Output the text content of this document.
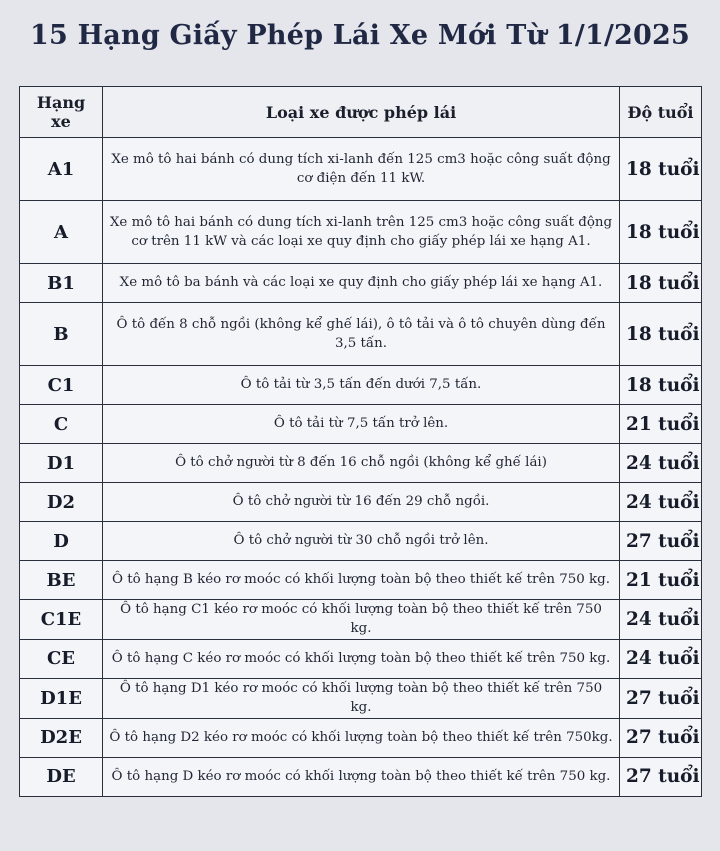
15 Hạng Giấy Phép Lái Xe Mới Từ 1/1/2025
Hạng xe	Loại xe được phép lái	Độ tuổi
A1	Xe mô tô hai bánh có dung tích xi-lanh đến 125 cm3 hoặc công suất động cơ điện đến 11 kW.	18 tuổi
A	Xe mô tô hai bánh có dung tích xi-lanh trên 125 cm3 hoặc công suất động cơ trên 11 kW và các loại xe quy định cho giấy phép lái xe hạng A1.	18 tuổi
B1	Xe mô tô ba bánh và các loại xe quy định cho giấy phép lái xe hạng A1.	18 tuổi
B	Ô tô đến 8 chỗ ngồi (không kể ghế lái), ô tô tải và ô tô chuyên dùng đến 3,5 tấn.	18 tuổi
C1	Ô tô tải từ 3,5 tấn đến dưới 7,5 tấn.	18 tuổi
C	Ô tô tải từ 7,5 tấn trở lên.	21 tuổi
D1	Ô tô chở người từ 8 đến 16 chỗ ngồi (không kể ghế lái)	24 tuổi
D2	Ô tô chở người từ 16 đến 29 chỗ ngồi.	24 tuổi
D	Ô tô chở người từ 30 chỗ ngồi trở lên.	27 tuổi
BE	Ô tô hạng B kéo rơ moóc có khối lượng toàn bộ theo thiết kế trên 750 kg.	21 tuổi
C1E	Ô tô hạng C1 kéo rơ moóc có khối lượng toàn bộ theo thiết kế trên 750 kg.	24 tuổi
CE	Ô tô hạng C kéo rơ moóc có khối lượng toàn bộ theo thiết kế trên 750 kg.	24 tuổi
D1E	Ô tô hạng D1 kéo rơ moóc có khối lượng toàn bộ theo thiết kế trên 750 kg.	27 tuổi
D2E	Ô tô hạng D2 kéo rơ moóc có khối lượng toàn bộ theo thiết kế trên 750kg.	27 tuổi
DE	Ô tô hạng D kéo rơ moóc có khối lượng toàn bộ theo thiết kế trên 750 kg.	27 tuổi
